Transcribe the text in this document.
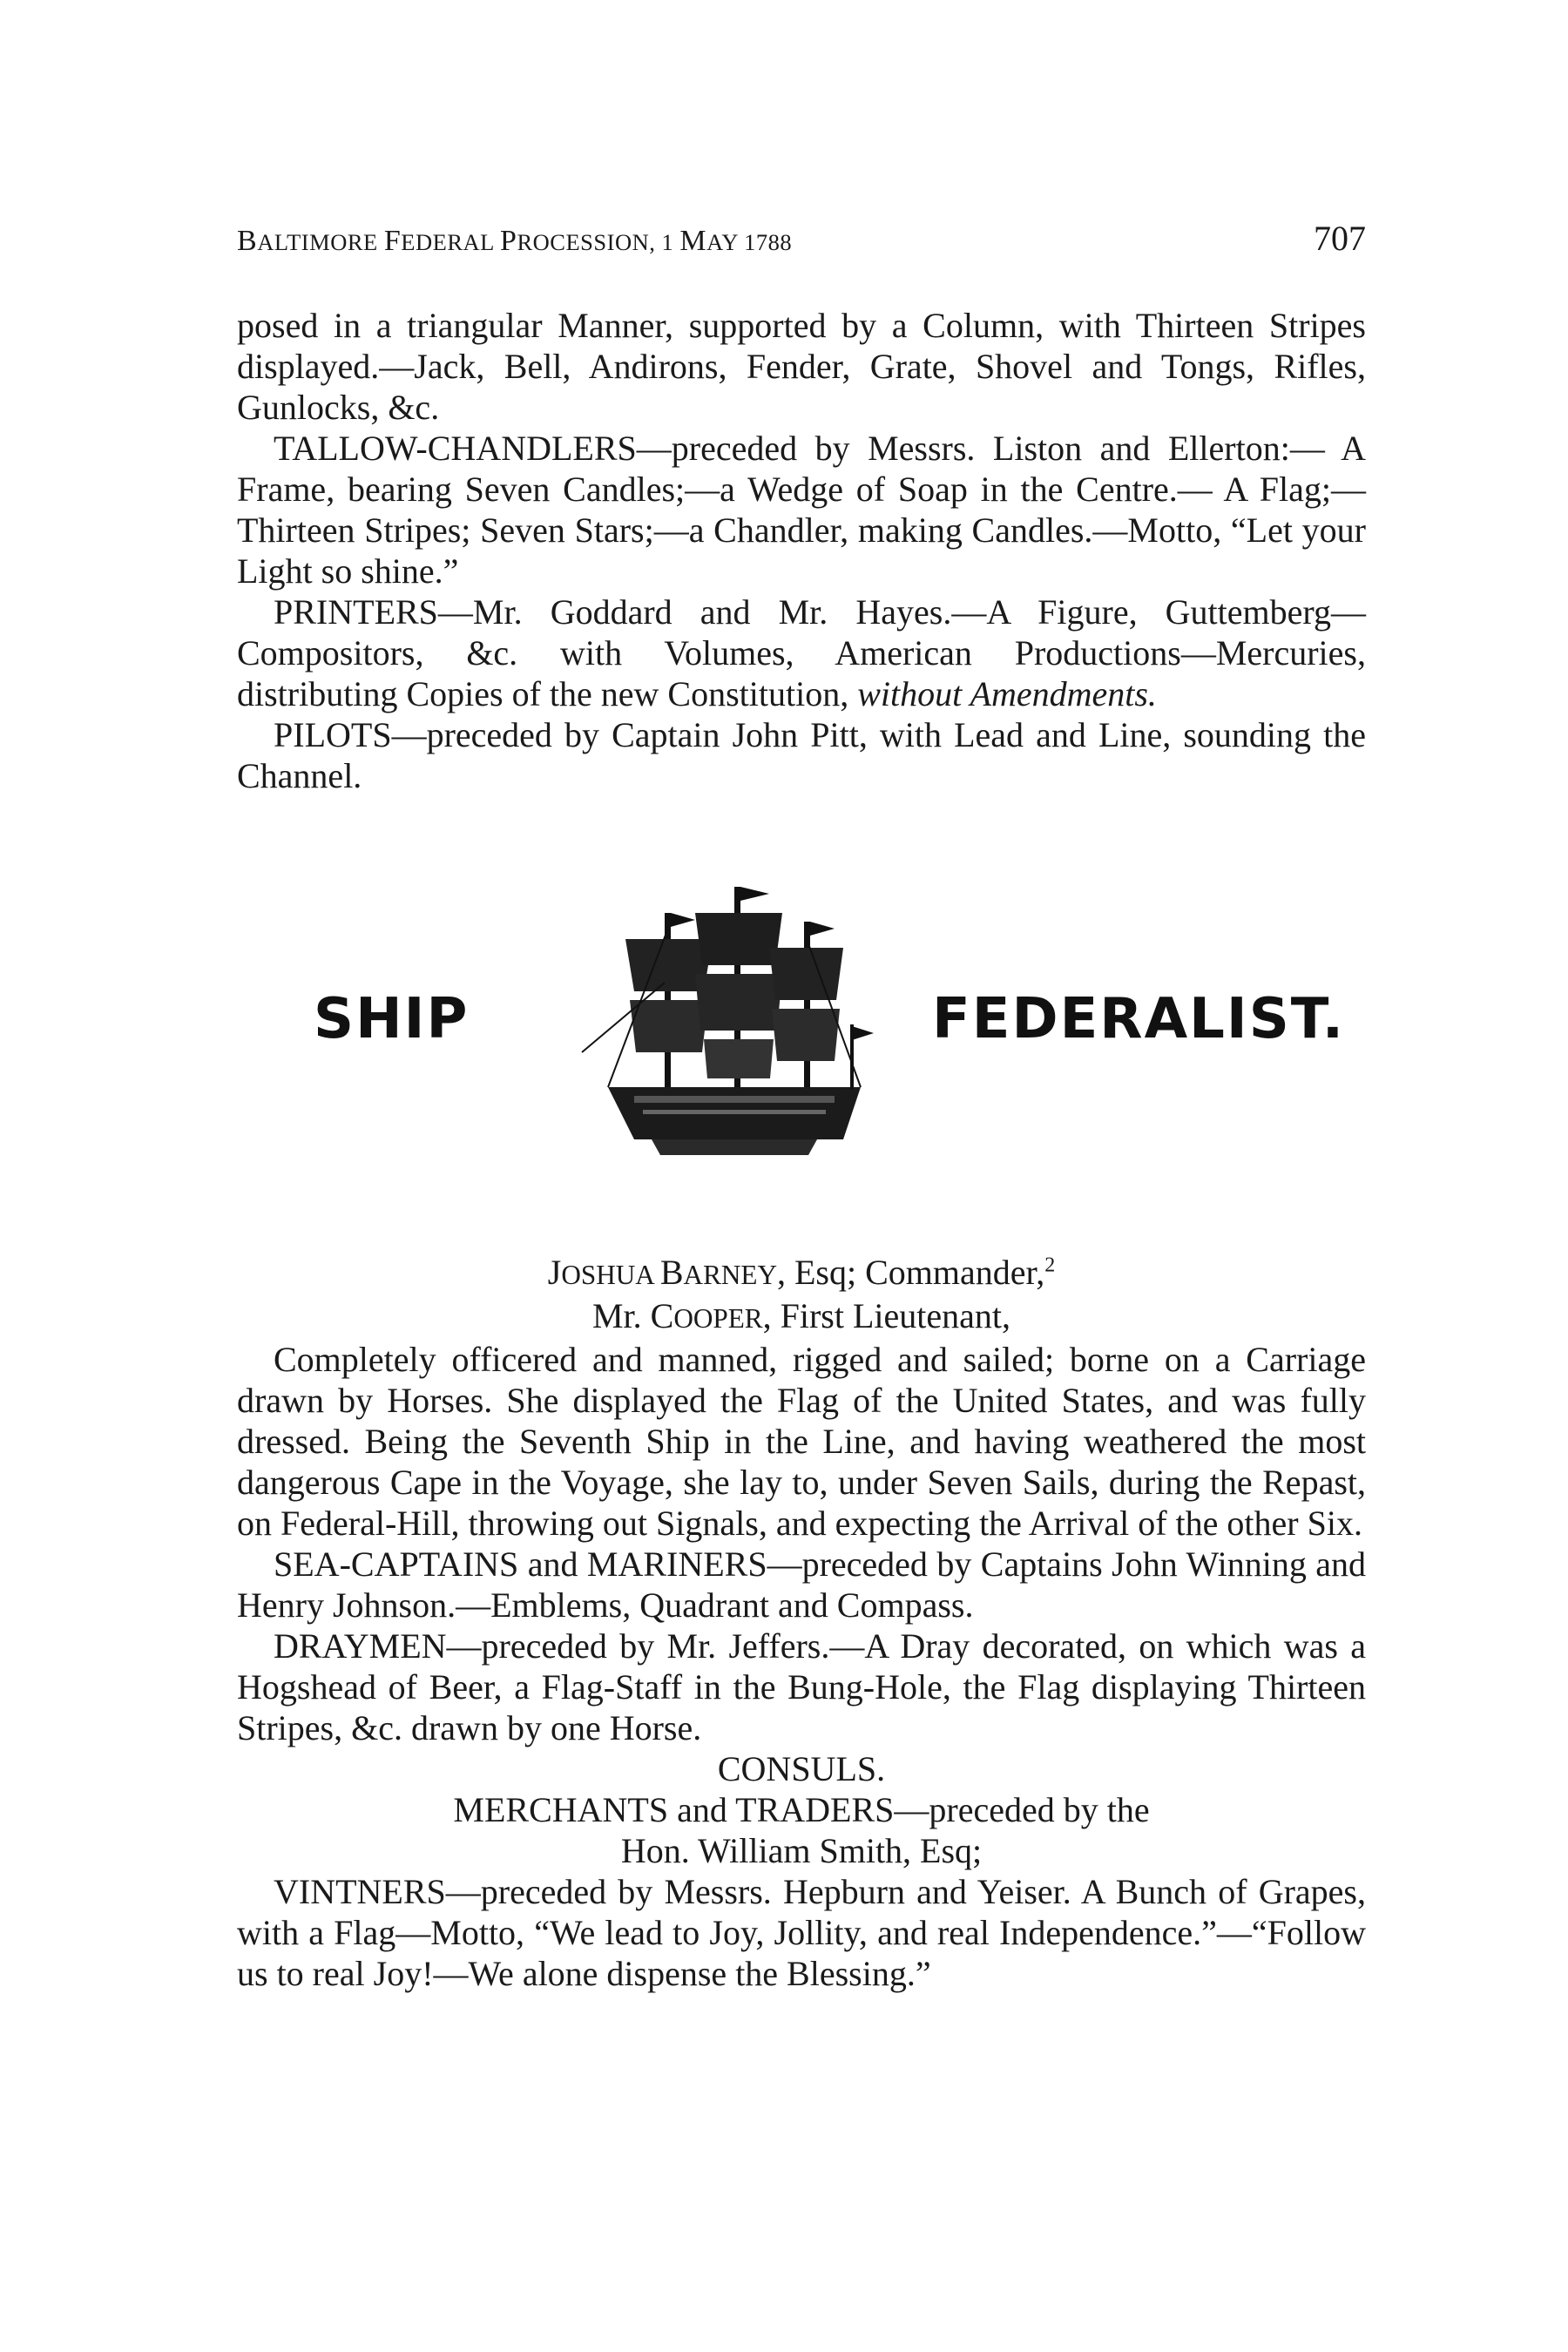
BALTIMORE FEDERAL PROCESSION, 1 MAY 1788	707

posed in a triangular Manner, supported by a Column, with Thirteen Stripes displayed.—Jack, Bell, Andirons, Fender, Grate, Shovel and Tongs, Rifles, Gunlocks, &c.

TALLOW-CHANDLERS—preceded by Messrs. Liston and Ellerton:— A Frame, bearing Seven Candles;—a Wedge of Soap in the Centre.— A Flag;—Thirteen Stripes; Seven Stars;—a Chandler, making Candles.—Motto, “Let your Light so shine.”

PRINTERS—Mr. Goddard and Mr. Hayes.—A Figure, Guttemberg— Compositors, &c. with Volumes, American Productions—Mercuries, distributing Copies of the new Constitution, without Amendments.

PILOTS—preceded by Captain John Pitt, with Lead and Line, sounding the Channel.

SHIP	FEDERALIST.

JOSHUA BARNEY, Esq; Commander,$^2$

Mr. COOPER, First Lieutenant,

Completely officered and manned, rigged and sailed; borne on a Carriage drawn by Horses. She displayed the Flag of the United States, and was fully dressed. Being the Seventh Ship in the Line, and having weathered the most dangerous Cape in the Voyage, she lay to, under Seven Sails, during the Repast, on Federal-Hill, throwing out Signals, and expecting the Arrival of the other Six.

SEA-CAPTAINS and MARINERS—preceded by Captains John Winning and Henry Johnson.—Emblems, Quadrant and Compass.

DRAYMEN—preceded by Mr. Jeffers.—A Dray decorated, on which was a Hogshead of Beer, a Flag-Staff in the Bung-Hole, the Flag displaying Thirteen Stripes, &c. drawn by one Horse.

CONSULS.

MERCHANTS and TRADERS—preceded by the

Hon. William Smith, Esq;

VINTNERS—preceded by Messrs. Hepburn and Yeiser. A Bunch of Grapes, with a Flag—Motto, “We lead to Joy, Jollity, and real Independence.”—“Follow us to real Joy!—We alone dispense the Blessing.”
